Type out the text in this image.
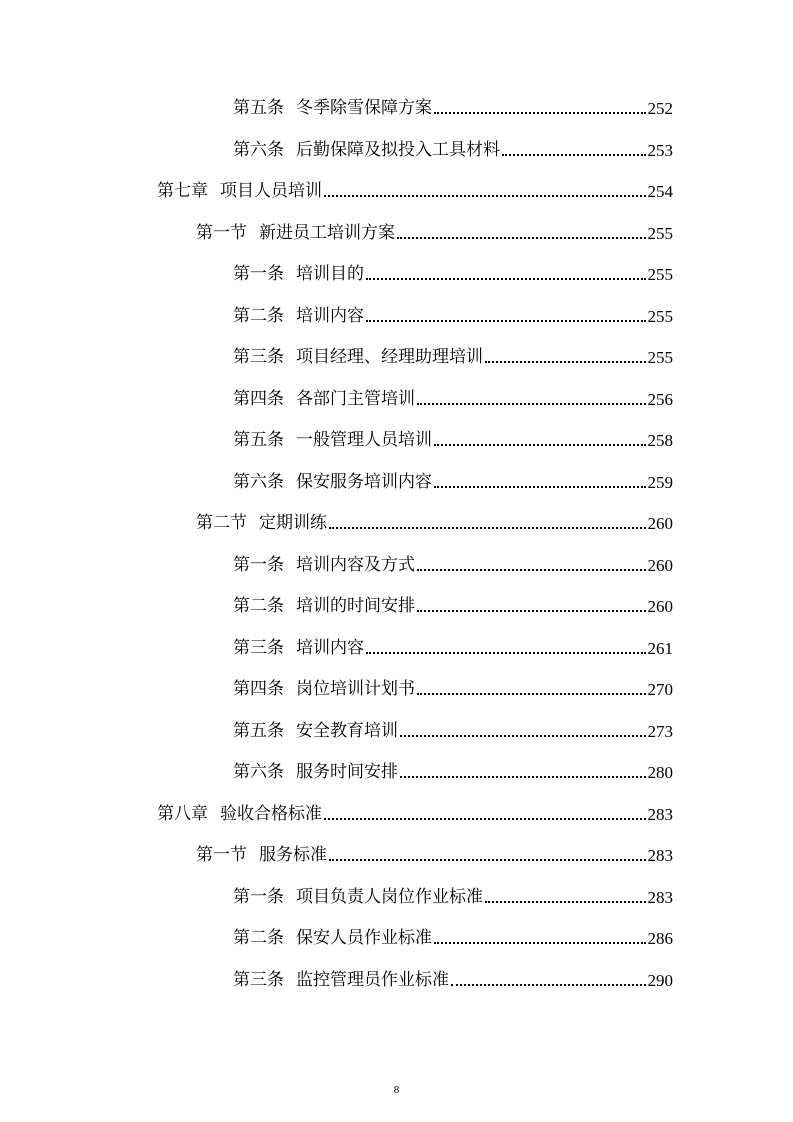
第五条 冬季除雪保障方案	252
第六条 后勤保障及拟投入工具材料	253
第七章 项目人员培训	254
第一节 新进员工培训方案	255
第一条 培训目的	255
第二条 培训内容	255
第三条 项目经理、经理助理培训	255
第四条 各部门主管培训	256
第五条 一般管理人员培训	258
第六条 保安服务培训内容	259
第二节 定期训练	260
第一条 培训内容及方式	260
第二条 培训的时间安排	260
第三条 培训内容	261
第四条 岗位培训计划书	270
第五条 安全教育培训	273
第六条 服务时间安排	280
第八章 验收合格标准	283
第一节 服务标准	283
第一条 项目负责人岗位作业标准	283
第二条 保安人员作业标准	286
第三条 监控管理员作业标准	290
8
